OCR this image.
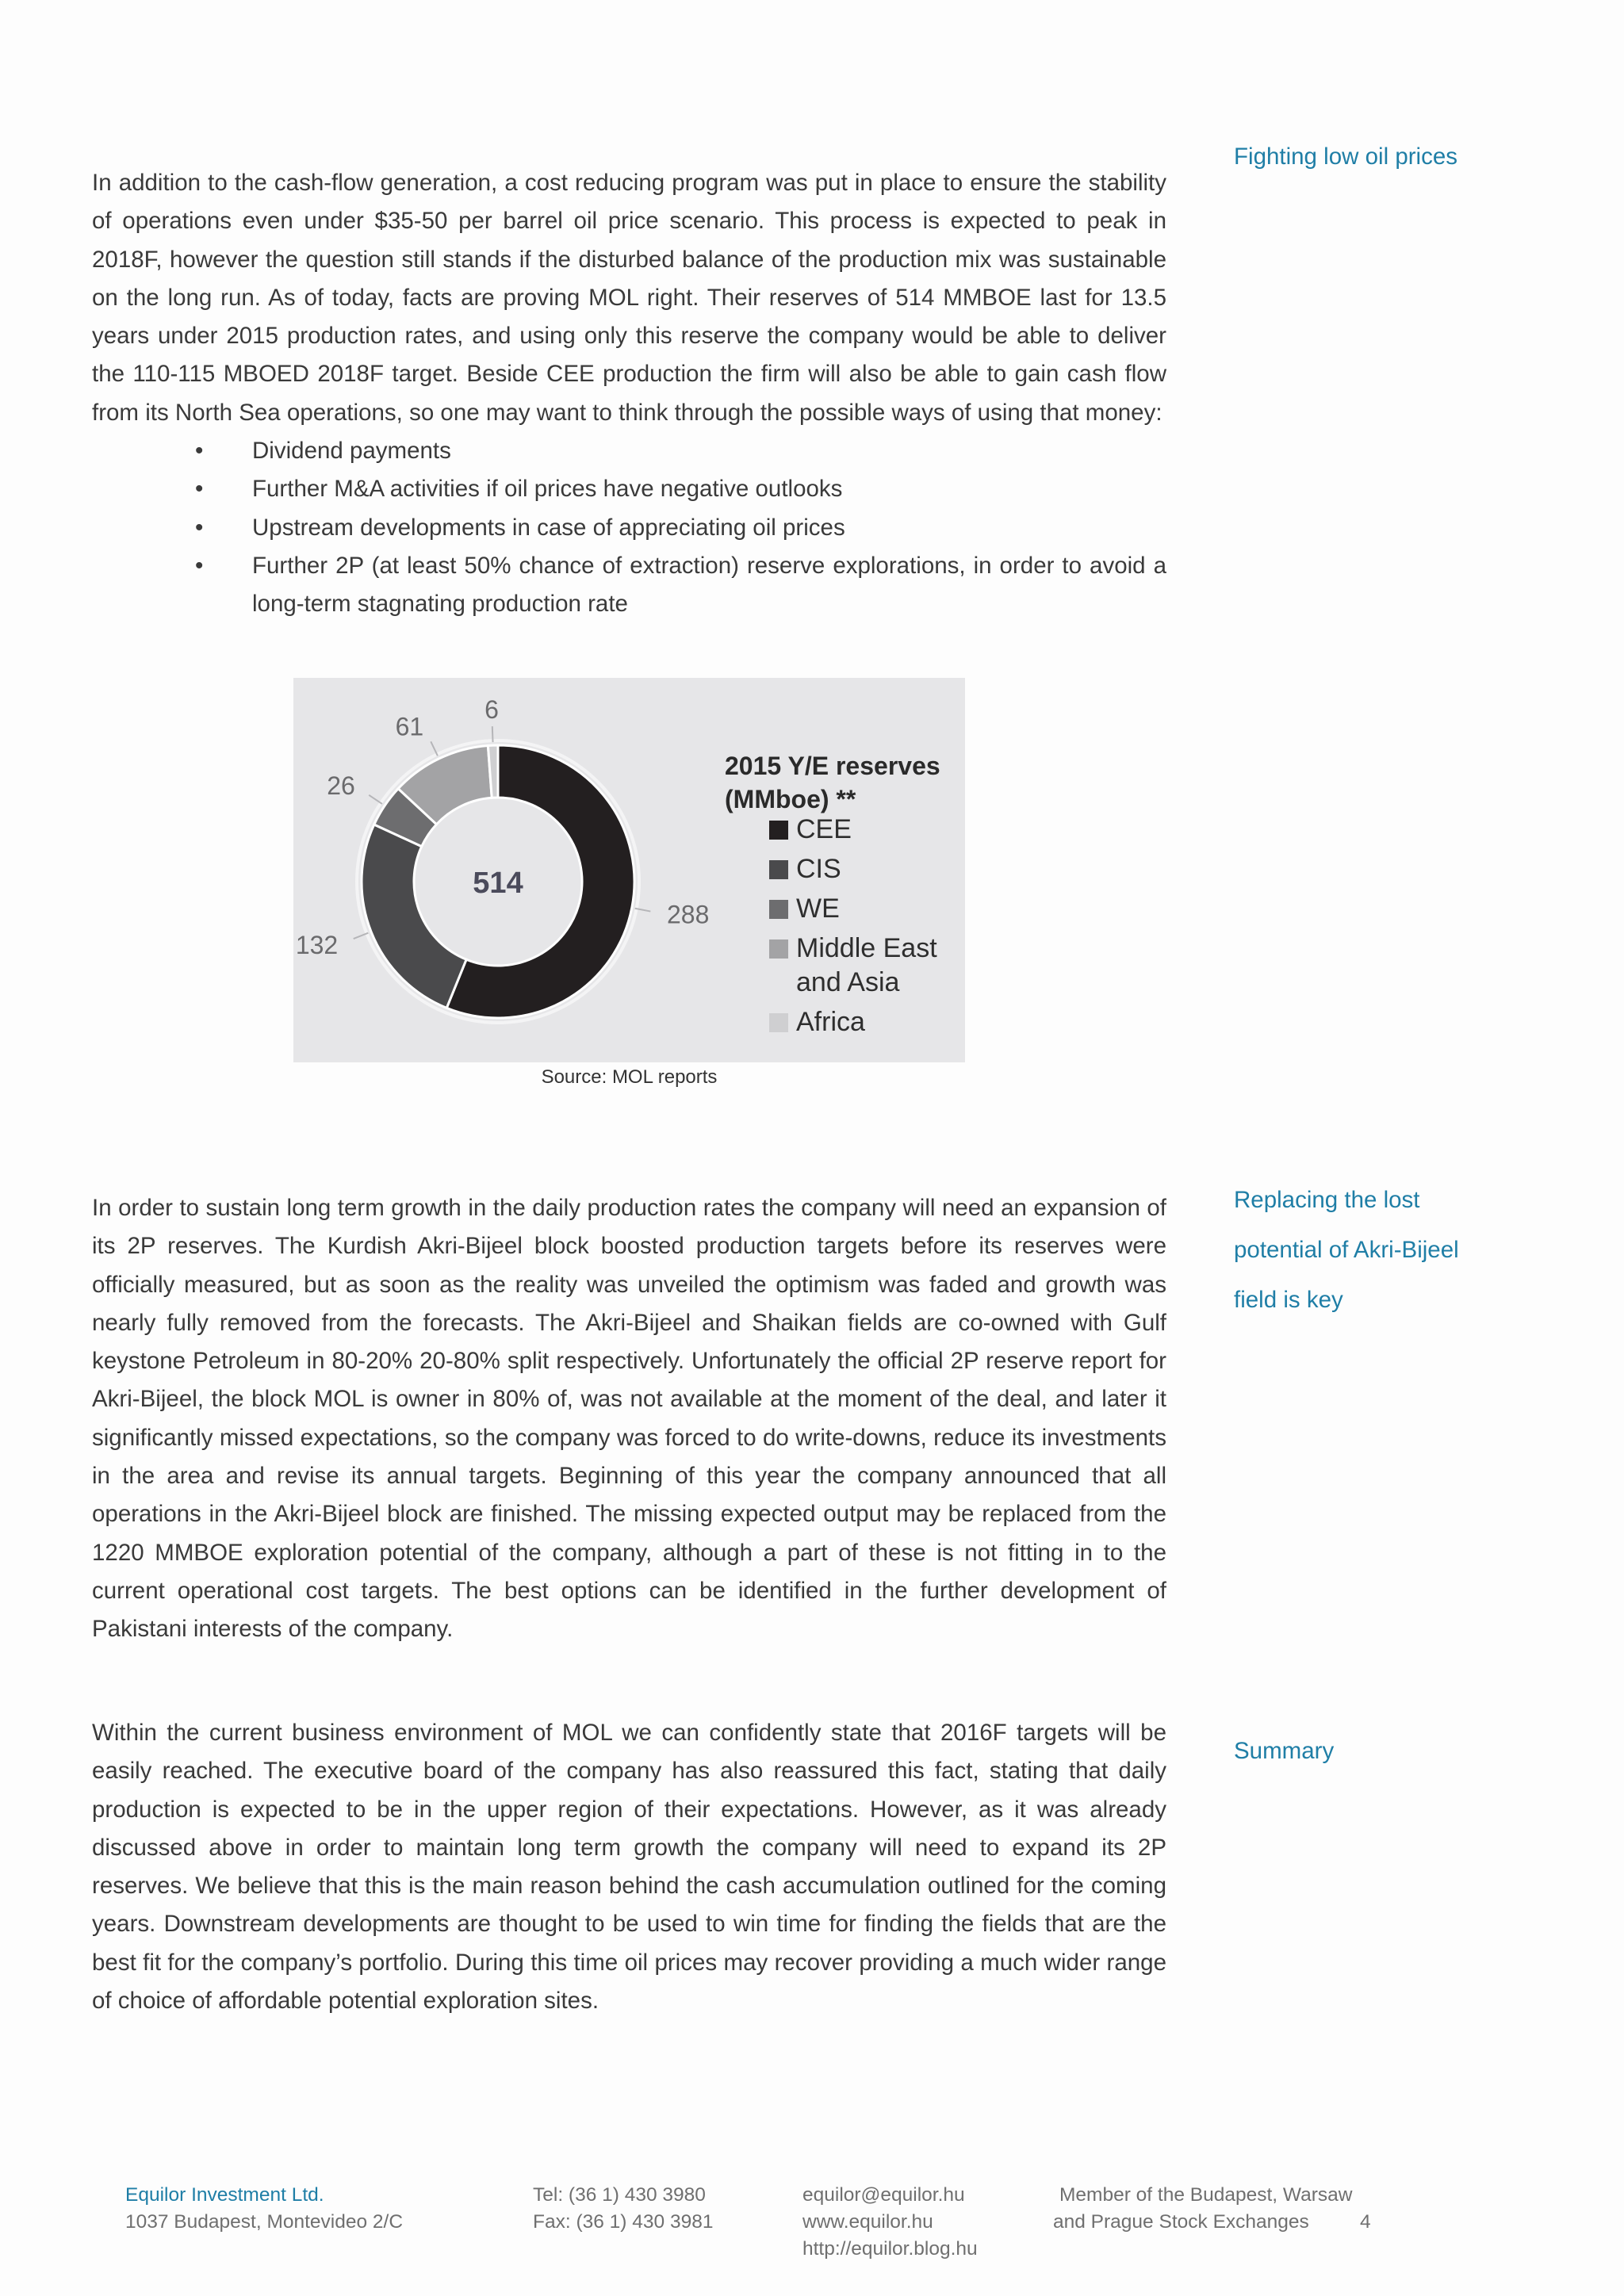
Fighting low oil prices
Replacing the lost
potential of Akri-Bijeel
field is key
Summary
In addition to the cash-flow generation, a cost reducing program was put in place to ensure the stability of operations even under $35-50 per barrel oil price scenario. This process is expected to peak in 2018F, however the question still stands if the disturbed balance of the production mix was sustainable on the long run. As of today, facts are proving MOL right. Their reserves of 514 MMBOE last for 13.5 years under 2015 production rates, and using only this reserve the company would be able to deliver the 110-115 MBOED 2018F target. Beside CEE production the firm will also be able to gain cash flow from its North Sea operations, so one may want to think through the possible ways of using that money:
• Dividend payments
• Further M&A activities if oil prices have negative outlooks
• Upstream developments in case of appreciating oil prices
• Further 2P (at least 50% chance of extraction) reserve explorations, in order to avoid a long-term stagnating production rate
288
132
26
61
6
514
2015 Y/E reserves
(MMboe) **
CEE
CIS
WE
Middle East
and Asia
Africa
Source: MOL reports
In order to sustain long term growth in the daily production rates the company will need an expansion of its 2P reserves. The Kurdish Akri-Bijeel block boosted production targets before its reserves were officially measured, but as soon as the reality was unveiled the optimism was faded and growth was nearly fully removed from the forecasts. The Akri-Bijeel and Shaikan fields are co-owned with Gulf keystone Petroleum in 80-20% 20-80% split respectively. Unfortunately the official 2P reserve report for Akri-Bijeel, the block MOL is owner in 80% of, was not available at the moment of the deal, and later it significantly missed expectations, so the company was forced to do write-downs, reduce its investments in the area and revise its annual targets. Beginning of this year the company announced that all operations in the Akri-Bijeel block are finished. The missing expected output may be replaced from the 1220 MMBOE exploration potential of the company, although a part of these is not fitting in to the current operational cost targets. The best options can be identified in the further development of Pakistani interests of the company.
Within the current business environment of MOL we can confidently state that 2016F targets will be easily reached. The executive board of the company has also reassured this fact, stating that daily production is expected to be in the upper region of their expectations. However, as it was already discussed above in order to maintain long term growth the company will need to expand its 2P reserves. We believe that this is the main reason behind the cash accumulation outlined for the coming years. Downstream developments are thought to be used to win time for finding the fields that are the best fit for the company’s portfolio. During this time oil prices may recover providing a much wider range of choice of affordable potential exploration sites.
Equilor Investment Ltd.
1037 Budapest, Montevideo 2/C
Tel: (36 1) 430 3980
Fax: (36 1) 430 3981
equilor@equilor.hu
www.equilor.hu
http://equilor.blog.hu
Member of the Budapest, Warsaw
and Prague Stock Exchanges	4
